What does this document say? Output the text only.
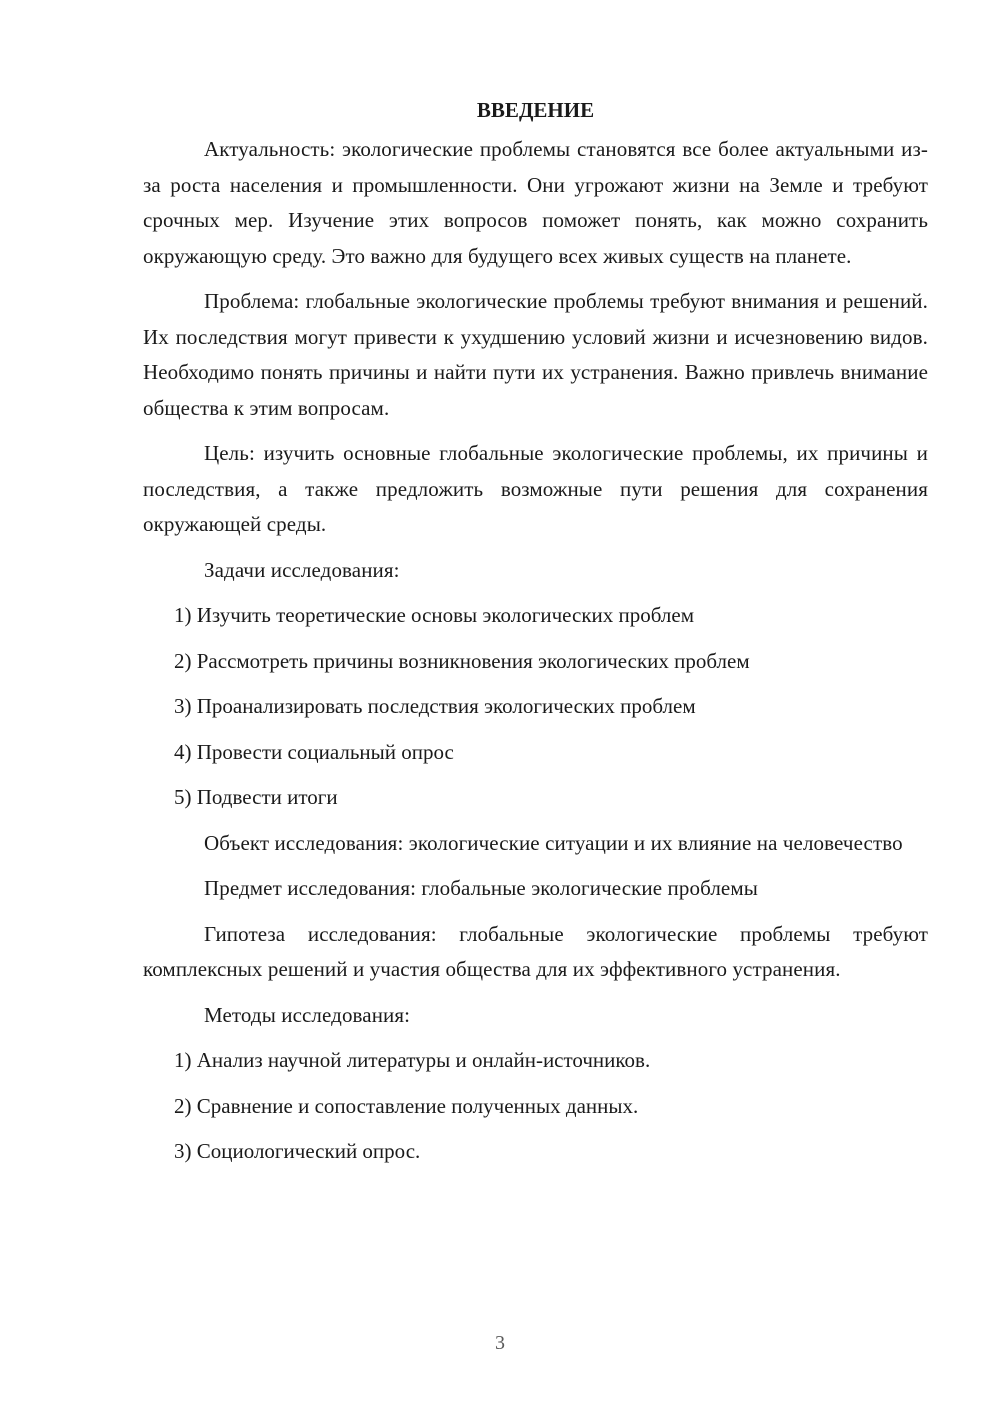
ВВЕДЕНИЕ

Актуальность: экологические проблемы становятся все более актуальными из-за роста населения и промышленности. Они угрожают жизни на Земле и требуют срочных мер. Изучение этих вопросов поможет понять, как можно сохранить окружающую среду. Это важно для будущего всех живых существ на планете.

Проблема: глобальные экологические проблемы требуют внимания и решений. Их последствия могут привести к ухудшению условий жизни и исчезновению видов. Необходимо понять причины и найти пути их устранения. Важно привлечь внимание общества к этим вопросам.

Цель: изучить основные глобальные экологические проблемы, их причины и последствия, а также предложить возможные пути решения для сохранения окружающей среды.

Задачи исследования:

1) Изучить теоретические основы экологических проблем
2) Рассмотреть причины возникновения экологических проблем
3) Проанализировать последствия экологических проблем
4) Провести социальный опрос
5) Подвести итоги

Объект исследования: экологические ситуации и их влияние на человечество

Предмет исследования: глобальные экологические проблемы

Гипотеза исследования: глобальные экологические проблемы требуют комплексных решений и участия общества для их эффективного устранения.

Методы исследования:

1) Анализ научной литературы и онлайн-источников.
2) Сравнение и сопоставление полученных данных.
3) Социологический опрос.
3
